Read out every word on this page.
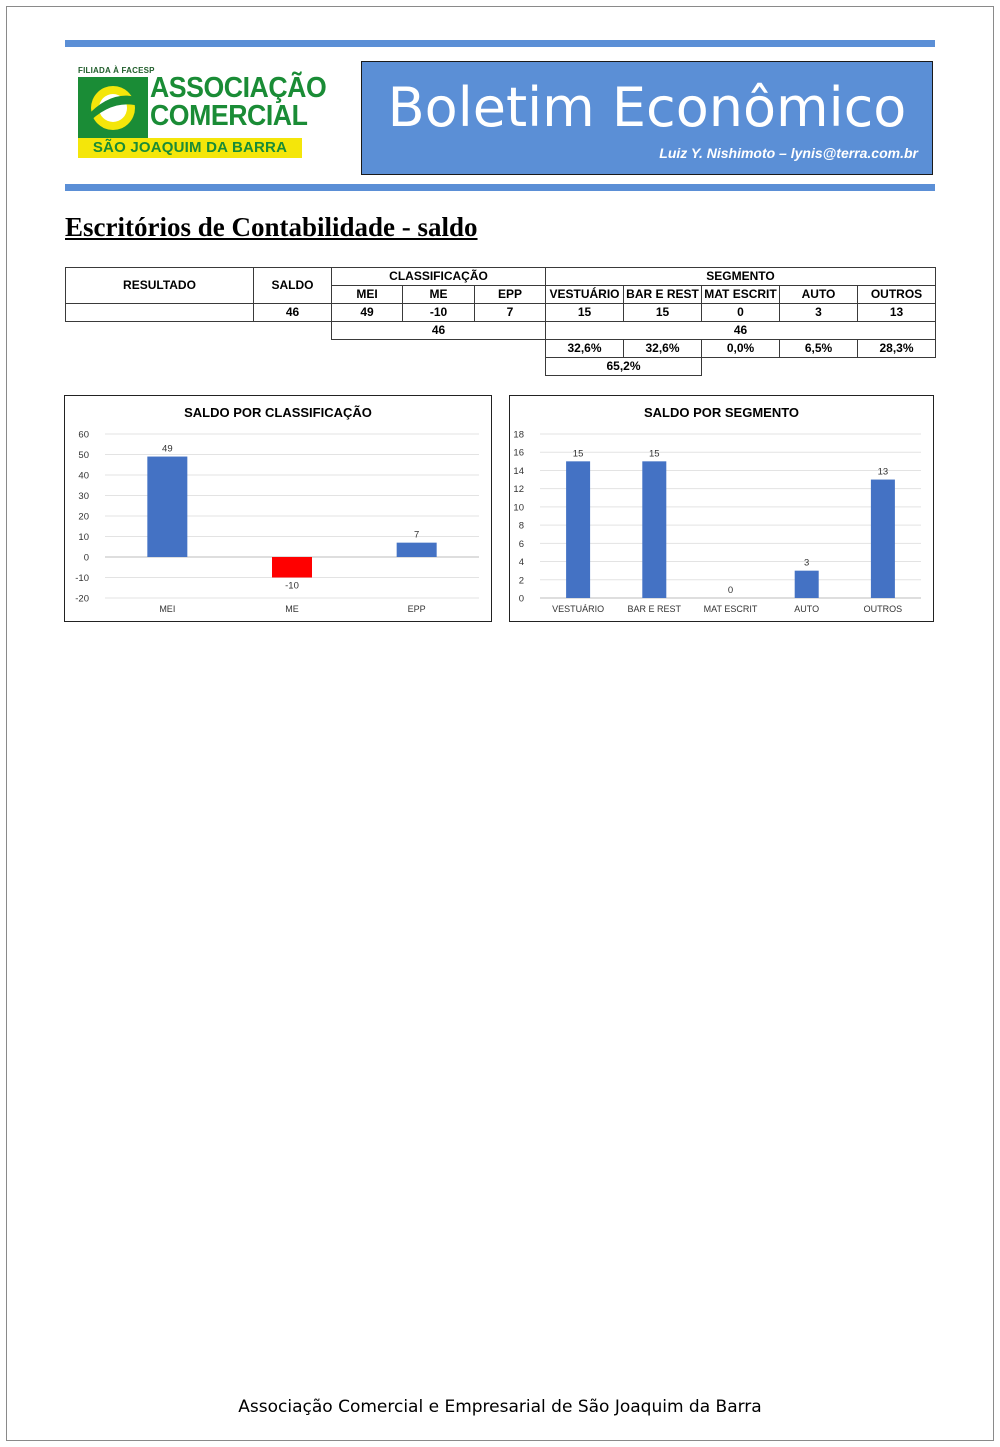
FILIADA À FACESP
ASSOCIAÇÃO
COMERCIAL
SÃO JOAQUIM DA BARRA
Boletim Econômico
Luiz Y. Nishimoto – lynis@terra.com.br
Escritórios de Contabilidade - saldo
RESULTADO	SALDO	CLASSIFICAÇÃO			SEGMENTO				
		MEI	ME	EPP	VESTUÁRIO	BAR E REST	MAT ESCRIT	AUTO	OUTROS
	46	49	-10	7	15	15	0	3	13
		46			46				
					32,6%	32,6%	0,0%	6,5%	28,3%
					65,2%				
60
50
40
30
20
10
0
-10
-20
49
MEI
-10
ME
7
EPP
SALDO POR CLASSIFICAÇÃO
18
16
14
12
10
8
6
4
2
0
15
VESTUÁRIO
15
BAR E REST
0
MAT ESCRIT
3
AUTO
13
OUTROS
SALDO POR SEGMENTO
Associação Comercial e Empresarial de São Joaquim da Barra
